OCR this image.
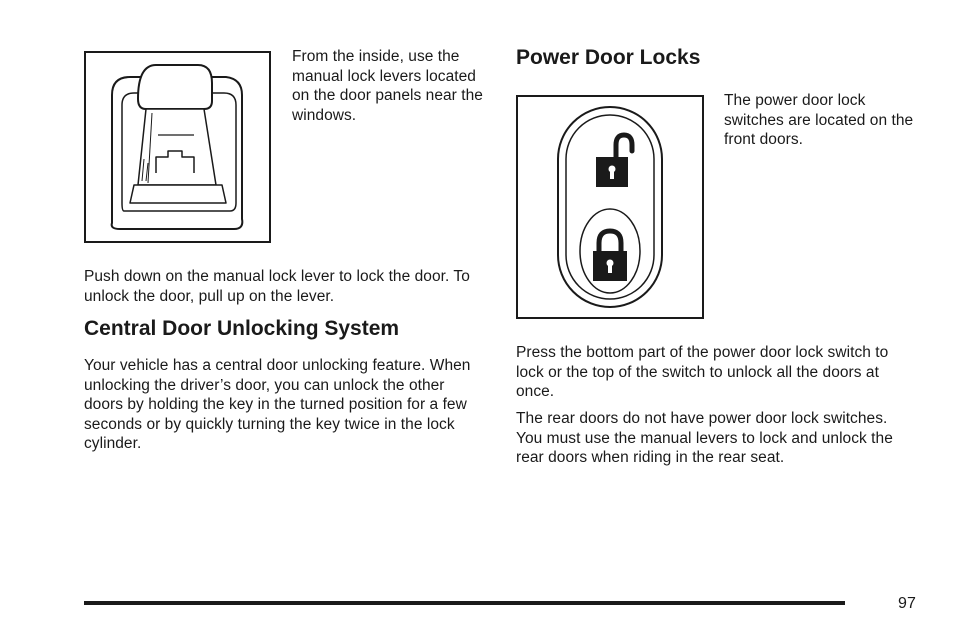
From the inside, use the manual lock levers located on the door panels near the windows.

Push down on the manual lock lever to lock the door. To unlock the door, pull up on the lever.

Central Door Unlocking System

Your vehicle has a central door unlocking feature. When unlocking the driver’s door, you can unlock the other doors by holding the key in the turned position for a few seconds or by quickly turning the key twice in the lock cylinder.

Power Door Locks

The power door lock switches are located on the front doors.

Press the bottom part of the power door lock switch to lock or the top of the switch to unlock all the doors at once.

The rear doors do not have power door lock switches. You must use the manual levers to lock and unlock the rear doors when riding in the rear seat.

97
